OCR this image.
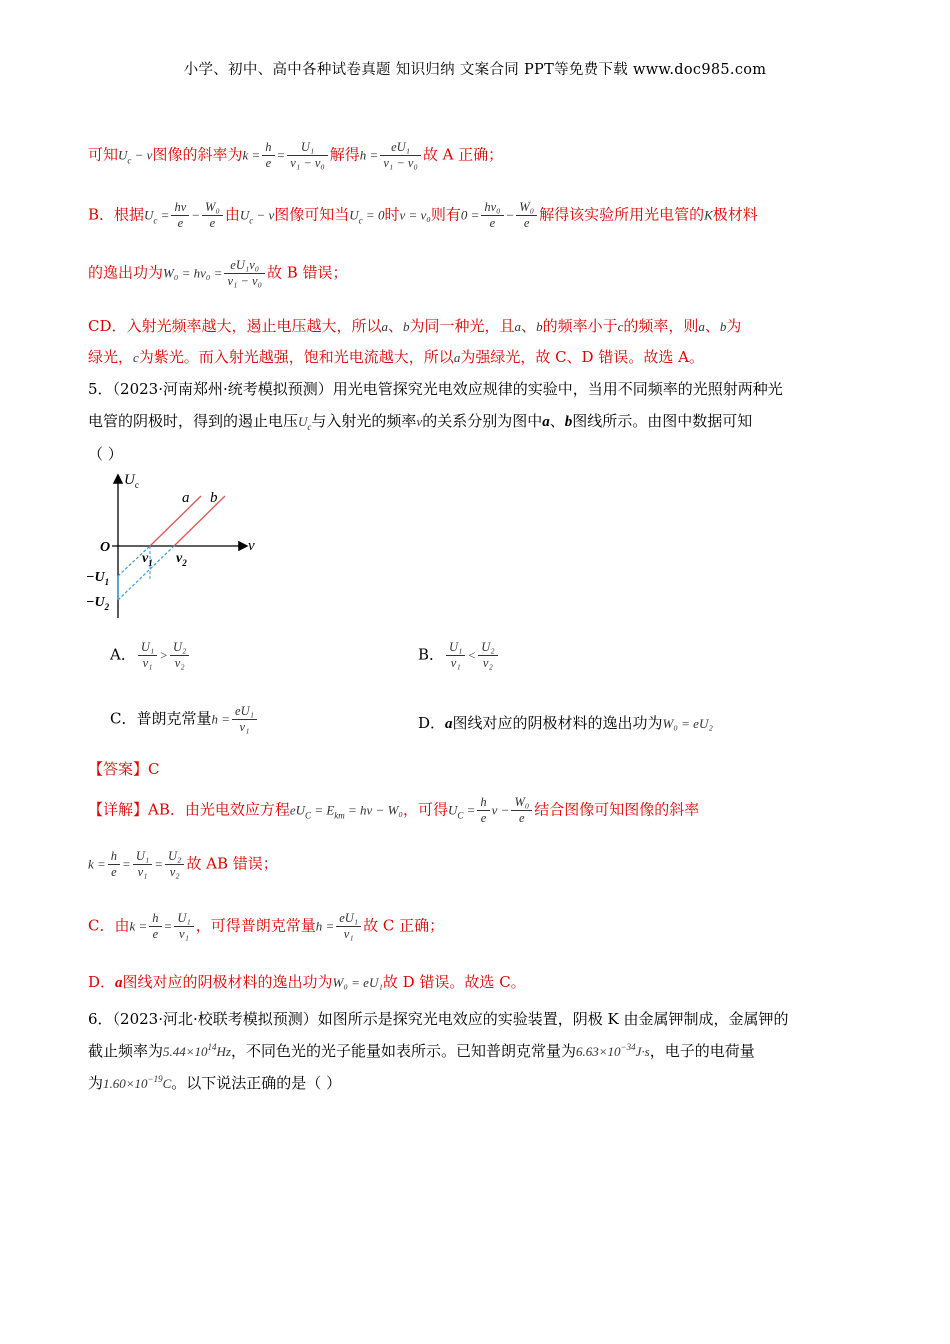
小学、初中、高中各种试卷真题 知识归纳 文案合同 PPT等免费下载 www.doc985.com
可知$U_c - \nu$图像的斜率为$k = \frac{h}{e} = \frac{\text{U₁}}{\text{ν₁ − ν₀}}$ 解得$h = \frac{\text{eU₁}}{\text{ν₁ − ν₀}}$ 故 A 正确；
B．根据$U_c = \frac{h\nu}{e} - \frac{\text{W₀}}{e}$ 由$U_c - \nu$图像可知当$U_c = 0$时ν = ν₀则有$0 = \frac{\text{hν₀}}{e} - \frac{\text{W₀}}{e}$ 解得该实验所用光电管的K极材料
的逸出功为$W_0 = h\nu_0 = \frac{\text{eU₁ν₀}}{\text{ν₁ − ν₀}}$ 故 B 错误；
CD．入射光频率越大，遏止电压越大，所以a、b为同一种光，且a、b的频率小于c的频率，则a、b为
绿光，c为紫光。而入射光越强，饱和光电流越大，所以a为强绿光，故 C、D 错误。故选 A。
5．（2023·河南郑州·统考模拟预测）用光电管探究光电效应规律的实验中，当用不同频率的光照射两种光
电管的阴极时，得到的遏止电压$U_c$与入射光的频率ν的关系分别为图中a、b图线所示。由图中数据可知
（ ）
$U_c$
ν
O
a b
$\nu_1$ $\nu_2$
$-U_1$
$-U_2$
A． $\frac{\text{U₁}}{\text{ν₁}} > \frac{\text{U₂}}{\text{ν₂}}$	B． $\frac{\text{U₁}}{\text{ν₁}} < \frac{\text{U₂}}{\text{ν₂}}$
C．普朗克常量$h = \frac{\text{eU₁}}{\text{ν₁}}$	D．a图线对应的阴极材料的逸出功为W₀ = eU₂
【答案】C
【详解】AB．由光电效应方程$eU_C = E_{km} = h\nu - W_0$，可得$U_C = \frac{h}{e}$ $\nu - \frac{\text{W₀}}{e}$ 结合图像可知图像的斜率
$k = \frac{h}{e} = \frac{\text{U₁}}{\text{ν₁}} = \frac{\text{U₂}}{\text{ν₂}}$ 故 AB 错误；
C．由$k = \frac{h}{e} = \frac{\text{U₁}}{\text{ν₁}}$ ，可得普朗克常量$h = \frac{\text{eU₁}}{\text{ν₁}}$ 故 C 正确；
D．a图线对应的阴极材料的逸出功为W₀ = eU₁故 D 错误。故选 C。
6．（2023·河北·校联考模拟预测）如图所示是探究光电效应的实验装置，阴极 K 由金属钾制成，金属钾的
截止频率为$5.44\times 10^{14}Hz$，不同色光的光子能量如表所示。已知普朗克常量为$6.63\times 10^{-34}J\cdot s$，电子的电荷量
为$1.60\times 10^{-19}C$。以下说法正确的是（ ）
